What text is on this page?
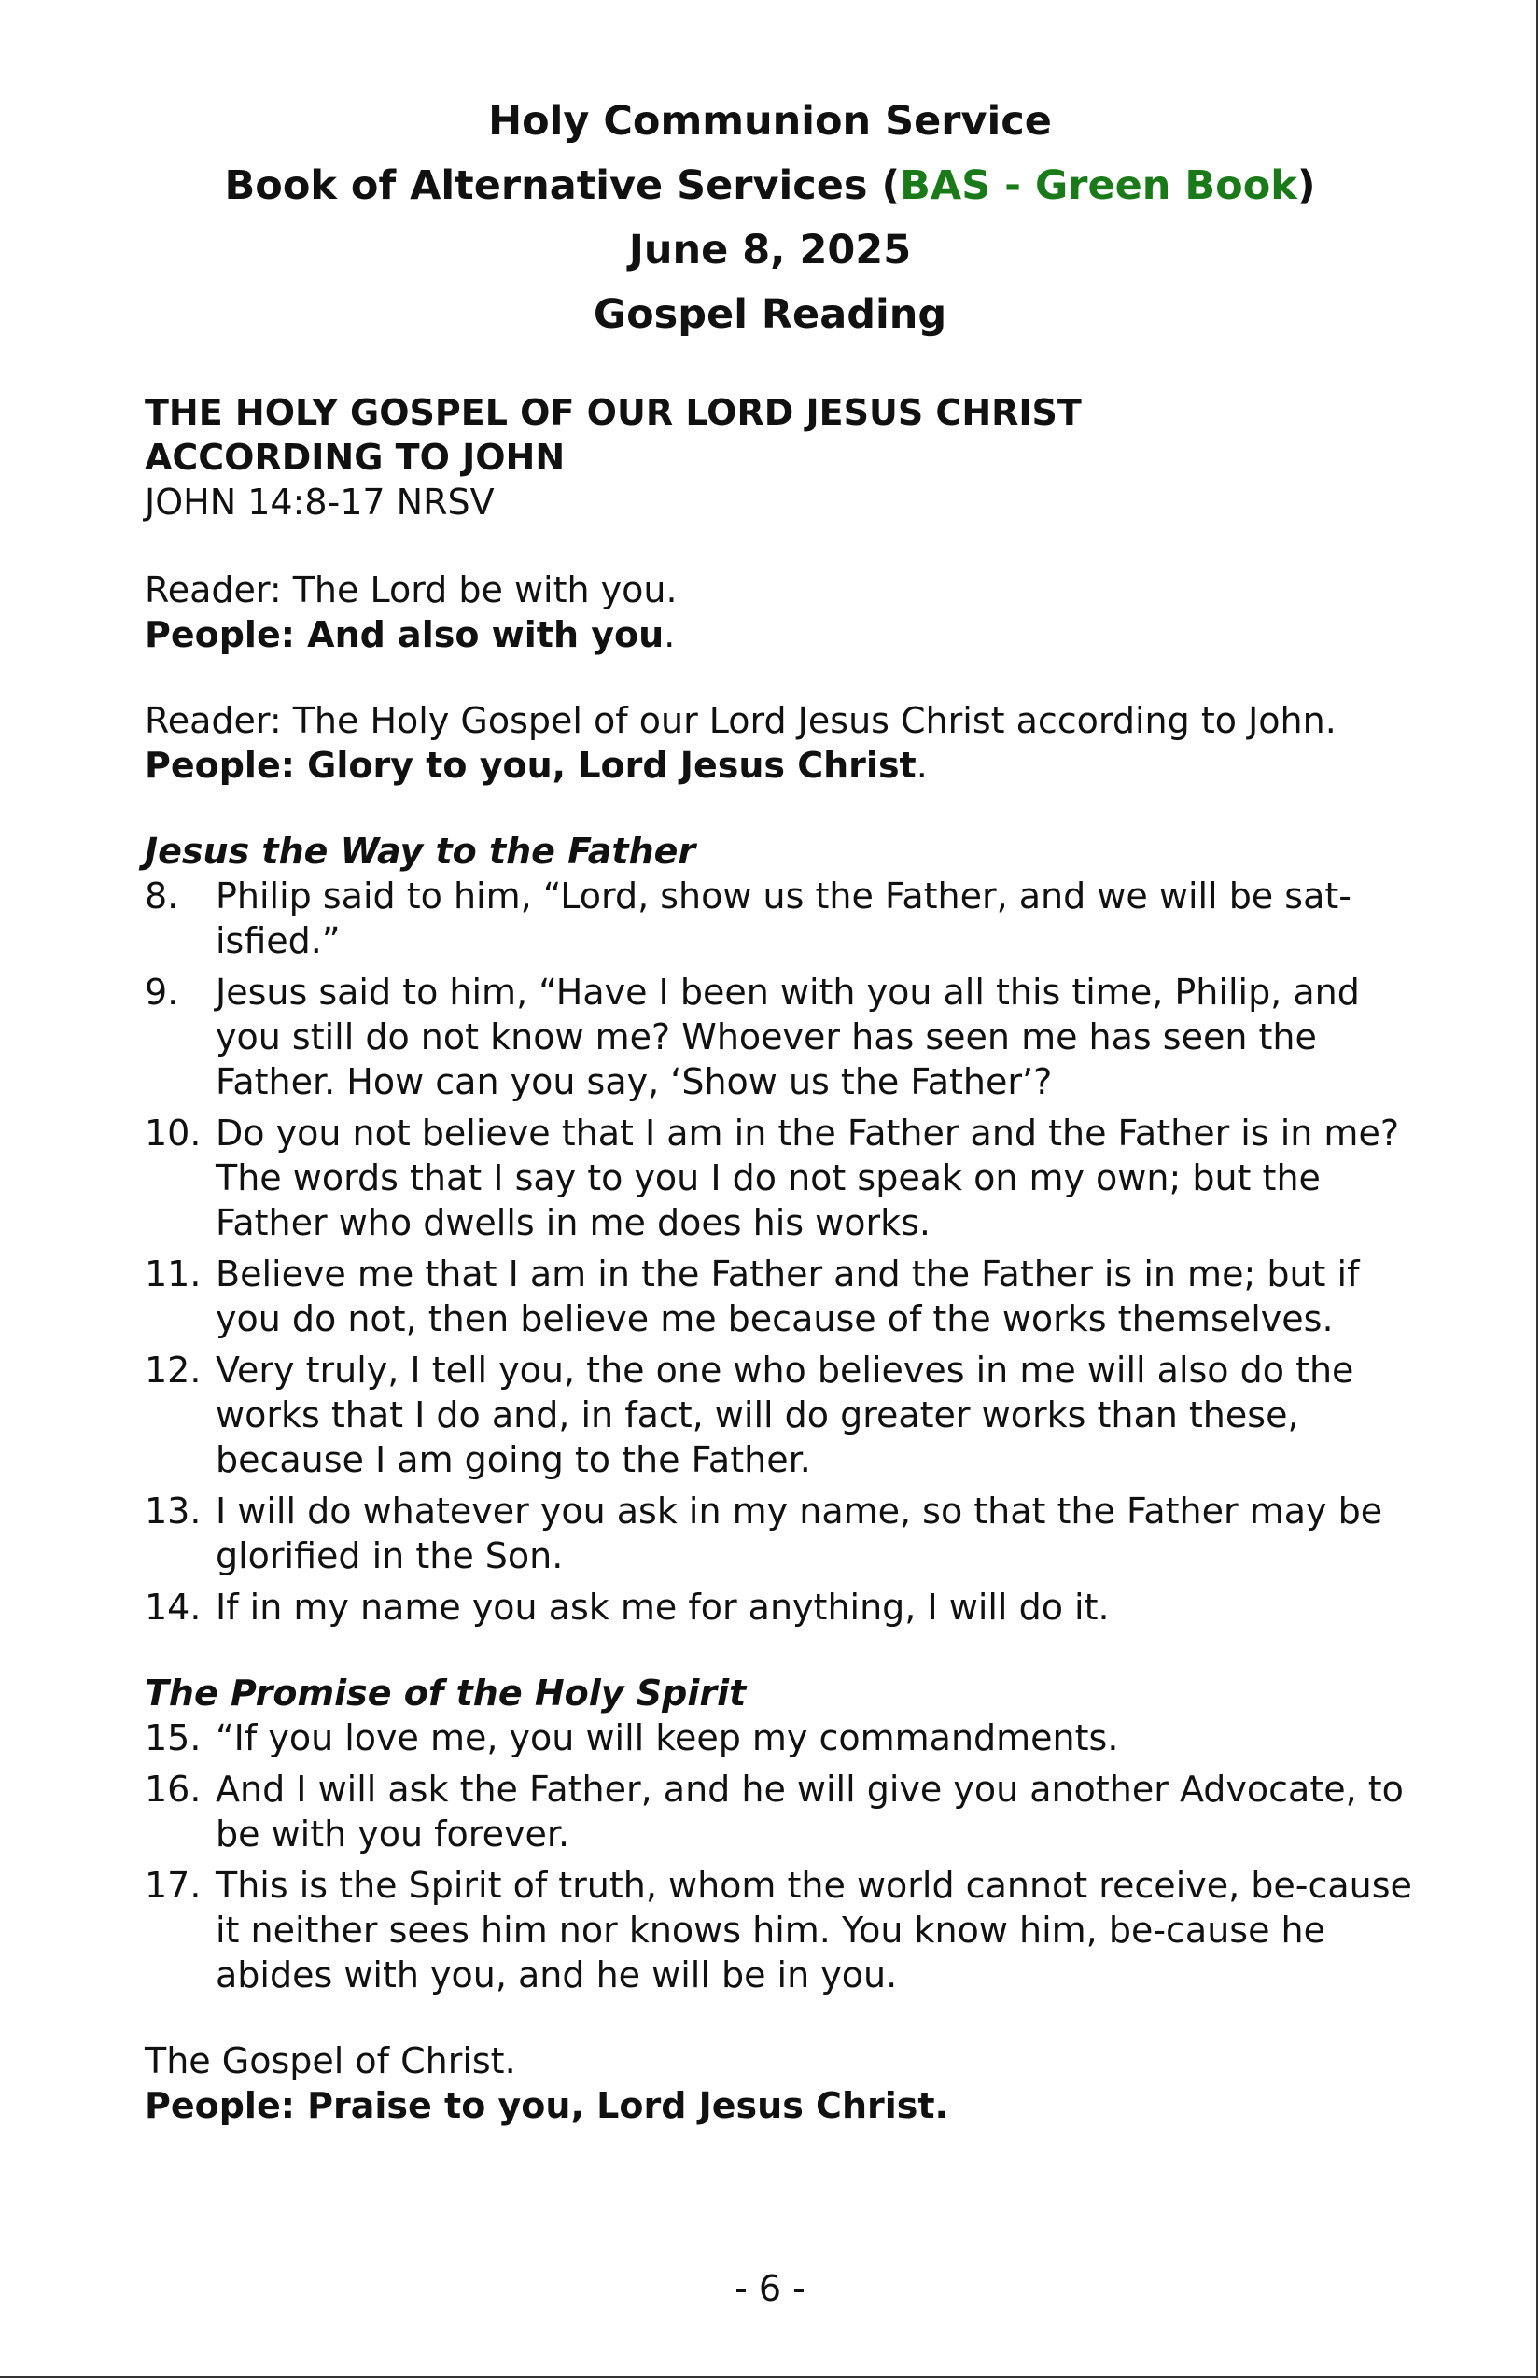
Holy Communion Service
Book of Alternative Services (BAS - Green Book)
June 8, 2025
Gospel Reading
THE HOLY GOSPEL OF OUR LORD JESUS CHRIST
ACCORDING TO JOHN
JOHN 14:8-17 NRSV
Reader: The Lord be with you.
People: And also with you.
Reader: The Holy Gospel of our Lord Jesus Christ according to John.
People: Glory to you, Lord Jesus Christ.
Jesus the Way to the Father
8. Philip said to him, “Lord, show us the Father, and we will be sat-isfied.”
9. Jesus said to him, “Have I been with you all this time, Philip, and you still do not know me? Whoever has seen me has seen the Father. How can you say, ‘Show us the Father’?
10. Do you not believe that I am in the Father and the Father is in me? The words that I say to you I do not speak on my own; but the Father who dwells in me does his works.
11. Believe me that I am in the Father and the Father is in me; but if you do not, then believe me because of the works themselves.
12. Very truly, I tell you, the one who believes in me will also do the works that I do and, in fact, will do greater works than these, because I am going to the Father.
13. I will do whatever you ask in my name, so that the Father may be glorified in the Son.
14. If in my name you ask me for anything, I will do it.
The Promise of the Holy Spirit
15. “If you love me, you will keep my commandments.
16. And I will ask the Father, and he will give you another Advocate, to be with you forever.
17. This is the Spirit of truth, whom the world cannot receive, be-cause it neither sees him nor knows him. You know him, be-cause he abides with you, and he will be in you.
The Gospel of Christ.
People: Praise to you, Lord Jesus Christ.
- 6 -
